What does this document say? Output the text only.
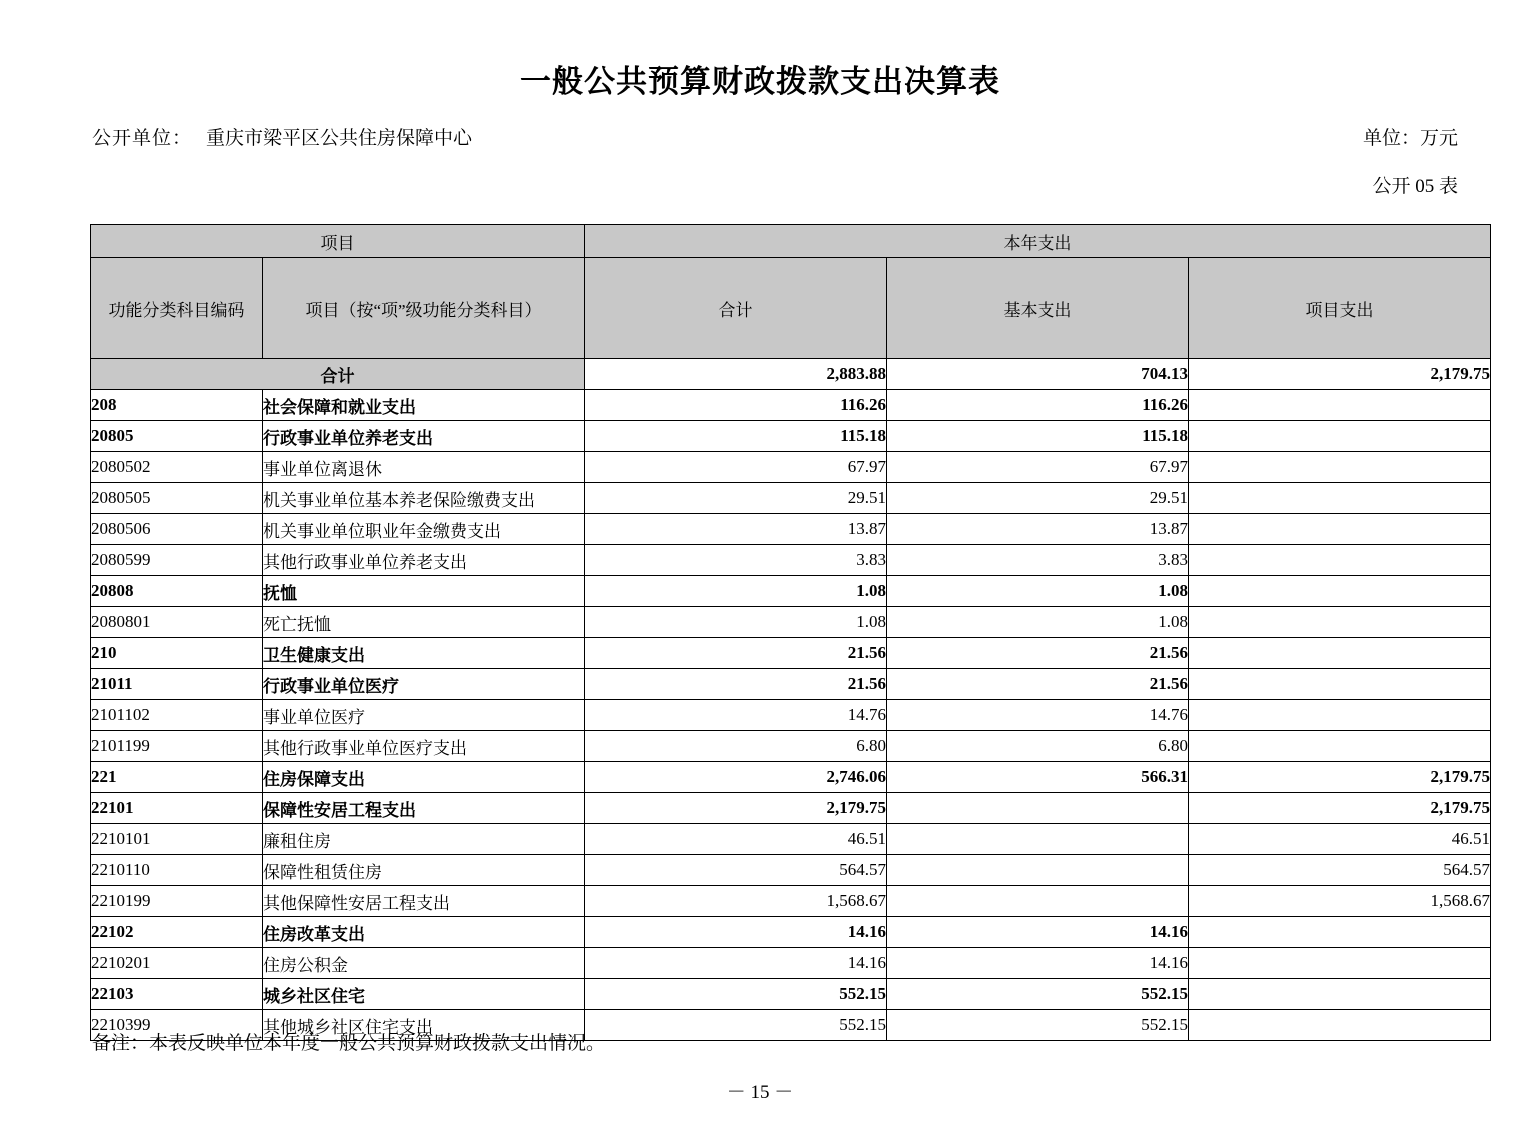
一般公共预算财政拨款支出决算表
公开 05 表
公开单位： 重庆市梁平区公共住房保障中心	单位：万元
项目		本年支出		
功能分类科目编码	项目（按“项”级功能分类科目）	合计	基本支出	项目支出
合计		2,883.88	704.13	2,179.75
208	社会保障和就业支出	116.26	116.26	
20805	行政事业单位养老支出	115.18	115.18	
2080502	事业单位离退休	67.97	67.97	
2080505	机关事业单位基本养老保险缴费支出	29.51	29.51	
2080506	机关事业单位职业年金缴费支出	13.87	13.87	
2080599	其他行政事业单位养老支出	3.83	3.83	
20808	抚恤	1.08	1.08	
2080801	死亡抚恤	1.08	1.08	
210	卫生健康支出	21.56	21.56	
21011	行政事业单位医疗	21.56	21.56	
2101102	事业单位医疗	14.76	14.76	
2101199	其他行政事业单位医疗支出	6.80	6.80	
221	住房保障支出	2,746.06	566.31	2,179.75
22101	保障性安居工程支出	2,179.75		2,179.75
2210101	廉租住房	46.51		46.51
2210110	保障性租赁住房	564.57		564.57
2210199	其他保障性安居工程支出	1,568.67		1,568.67
22102	住房改革支出	14.16	14.16	
2210201	住房公积金	14.16	14.16	
22103	城乡社区住宅	552.15	552.15	
2210399	其他城乡社区住宅支出	552.15	552.15	
备注：本表反映单位本年度一般公共预算财政拨款支出情况。
－ 15 －
